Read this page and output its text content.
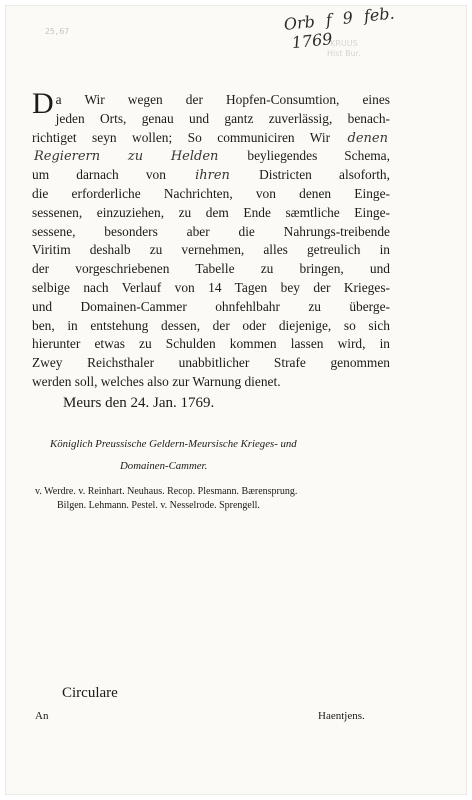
25,67	Orb f 9 feb. 1769
KRUUS
Hist Bur.
D a Wir wegen der Hopfen-Consumtion, eines
jeden Orts, genau und gantz zuverlässig, benach-
richtiget seyn wollen; So communiciren Wir denen
Regierern zu Helden beyliegendes Schema,
um darnach von ihren Districten alsoforth,
die erforderliche Nachrichten, von denen Einge-
sessenen, einzuziehen, zu dem Ende sæmtliche Einge-
sessene, besonders aber die Nahrungs-treibende
Viritim deshalb zu vernehmen, alles getreulich in
der vorgeschriebenen Tabelle zu bringen, und
selbige nach Verlauf von 14 Tagen bey der Krieges-
und Domainen-Cammer ohnfehlbahr zu überge-
ben, in entstehung dessen, der oder diejenige, so sich
hierunter etwas zu Schulden kommen lassen wird, in
Zwey Reichsthaler unabbitlicher Strafe genommen
werden soll, welches also zur Warnung dienet.
Meurs den 24. Jan. 1769.
Königlich Preussische Geldern-Meursische Krieges- und
Domainen-Cammer.
v. Werdre. v. Reinhart. Neuhaus. Recop. Plesmann. Bærensprung.
Bilgen. Lehmann. Pestel. v. Nesselrode. Sprengell.
Circulare
An	Haentjens.
